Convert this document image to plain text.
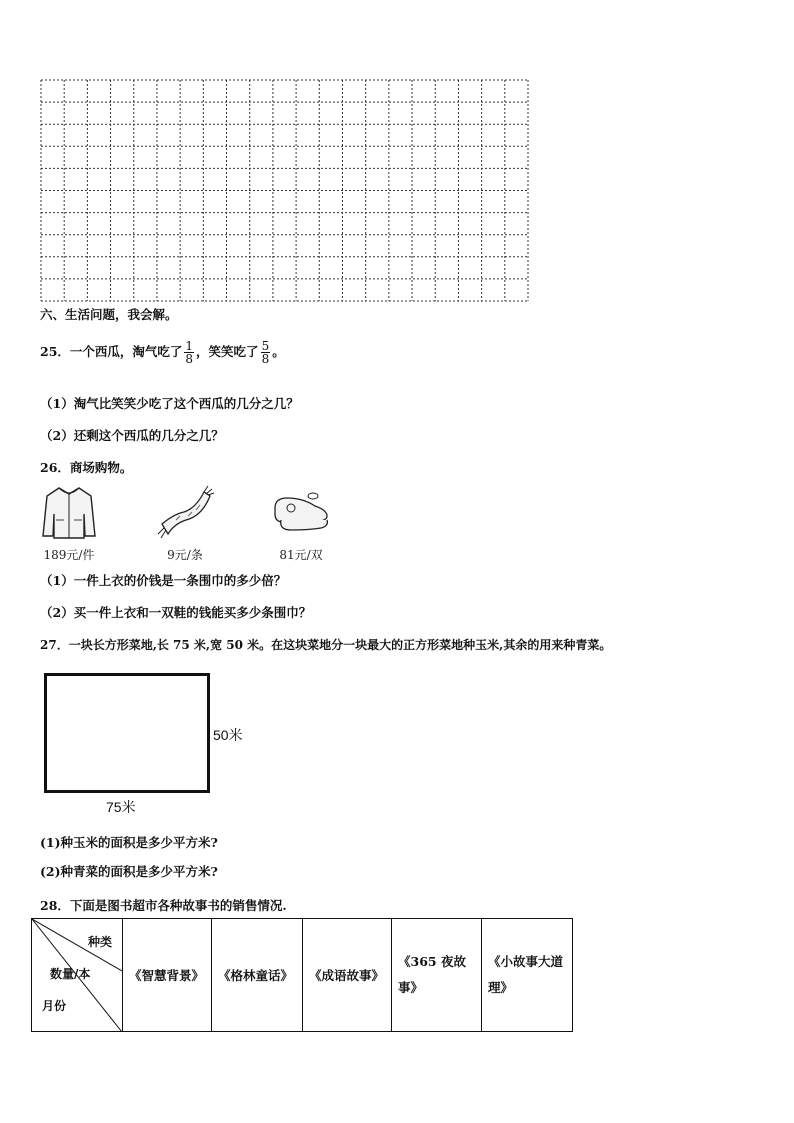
六、生活问题，我会解。
25．一个西瓜，淘气吃了 $\frac{1}{8}$ ，笑笑吃了 $\frac{5}{8}$ 。
（1）淘气比笑笑少吃了这个西瓜的几分之几？
（2）还剩这个西瓜的几分之几？
26．商场购物。
189元/件	9元/条	81元/双
（1）一件上衣的价钱是一条围巾的多少倍？
（2）买一件上衣和一双鞋的钱能买多少条围巾？
27．一块长方形菜地,长 75 米,宽 50 米。在这块菜地分一块最大的正方形菜地种玉米,其余的用来种青菜。
50米
75米
(1)种玉米的面积是多少平方米?
(2)种青菜的面积是多少平方米?
28．下面是图书超市各种故事书的销售情况.
种类
数量/本
月份
	《智慧背景》	《格林童话》	《成语故事》	《365 夜故事》	《小故事大道理》
